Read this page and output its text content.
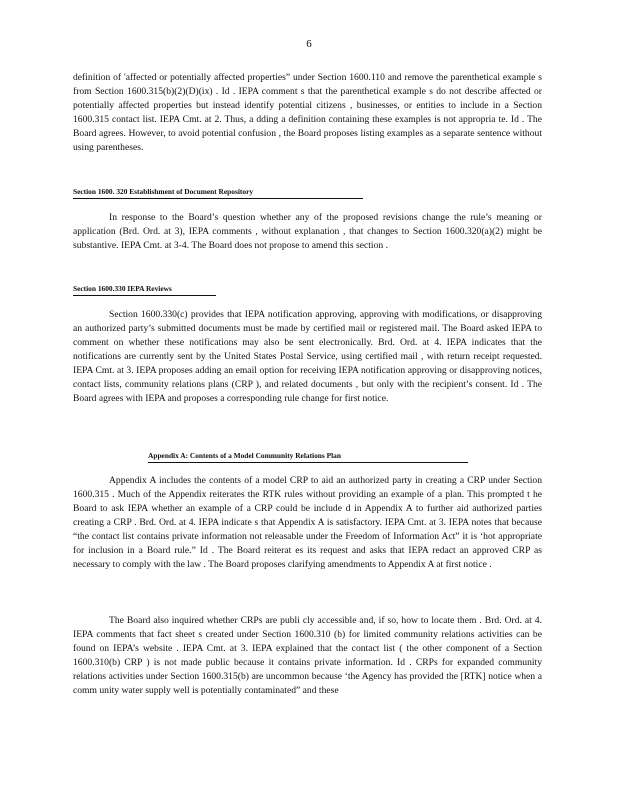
6

definition of 'affected or potentially affected properties” under Section 1600.110 and remove the parenthetical example s from Section 1600.315(b)(2)(D)(ix) . Id . IEPA comment s that the parenthetical example s do not describe affected or potentially affected properties but instead identify potential citizens , businesses, or entities to include in a Section 1600.315 contact list. IEPA Cmt. at 2. Thus, a dding a definition containing these examples is not appropria te. Id . The Board agrees. However, to avoid potential confusion , the Board proposes listing examples as a separate sentence without using parentheses.

Section 1600. 320 Establishment of Document Repository

In response to the Board’s question whether any of the proposed revisions change the rule’s meaning or application (Brd. Ord. at 3), IEPA comments , without explanation , that changes to Section 1600.320(a)(2) might be substantive. IEPA Cmt. at 3-4. The Board does not propose to amend this section .

Section 1600.330 IEPA Reviews

Section 1600.330(c) provides that IEPA notification approving, approving with modifications, or disapproving an authorized party’s submitted documents must be made by certified mail or registered mail. The Board asked IEPA to comment on whether these notifications may also be sent electronically. Brd. Ord. at 4. IEPA indicates that the notifications are currently sent by the United States Postal Service, using certified mail , with return receipt requested. IEPA Cmt. at 3. IEPA proposes adding an email option for receiving IEPA notification approving or disapproving notices, contact lists, community relations plans (CRP ), and related documents , but only with the recipient’s consent. Id . The Board agrees with IEPA and proposes a corresponding rule change for first notice.

Appendix A: Contents of a Model Community Relations Plan

Appendix A includes the contents of a model CRP to aid an authorized party in creating a CRP under Section 1600.315 . Much of the Appendix reiterates the RTK rules without providing an example of a plan. This prompted t he Board to ask IEPA whether an example of a CRP could be include d in Appendix A to further aid authorized parties creating a CRP . Brd. Ord. at 4. IEPA indicate s that Appendix A is satisfactory. IEPA Cmt. at 3. IEPA notes that because “the contact list contains private information not releasable under the Freedom of Information Act” it is ‘hot appropriate for inclusion in a Board rule.” Id . The Board reiterat es its request and asks that IEPA redact an approved CRP as necessary to comply with the law . The Board proposes clarifying amendments to Appendix A at first notice .

The Board also inquired whether CRPs are publi cly accessible and, if so, how to locate them . Brd. Ord. at 4. IEPA comments that fact sheet s created under Section 1600.310 (b) for limited community relations activities can be found on IEPA’s website . IEPA Cmt. at 3. IEPA explained that the contact list ( the other component of a Section 1600.310(b) CRP ) is not made public because it contains private information. Id . CRPs for expanded community relations activities under Section 1600.315(b) are uncommon because ‘the Agency has provided the [RTK] notice when a comm unity water supply well is potentially contaminated” and these
